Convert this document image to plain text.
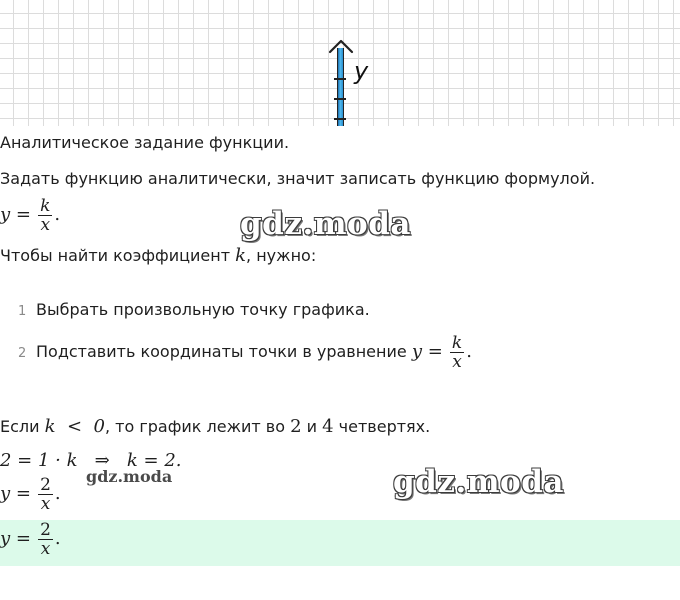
y
Аналитическое задание функции.
Задать функцию аналитически, значит записать функцию формулой.
$y = \frac{k}{x}$ .
Чтобы найти коэффициент k, нужно:
1 Выбрать произвольную точку графика.
2 Подставить координаты точки в уравнение $y = \frac{k}{x}$ .
Если k  <  0, то график лежит во 2 и 4 четвертях.
2 = 1 · k   ⇒   k = 2.
$y = \frac{2}{x}$ .
$y = \frac{2}{x}$ .
gdz.moda
gdz.moda
gdz.moda
